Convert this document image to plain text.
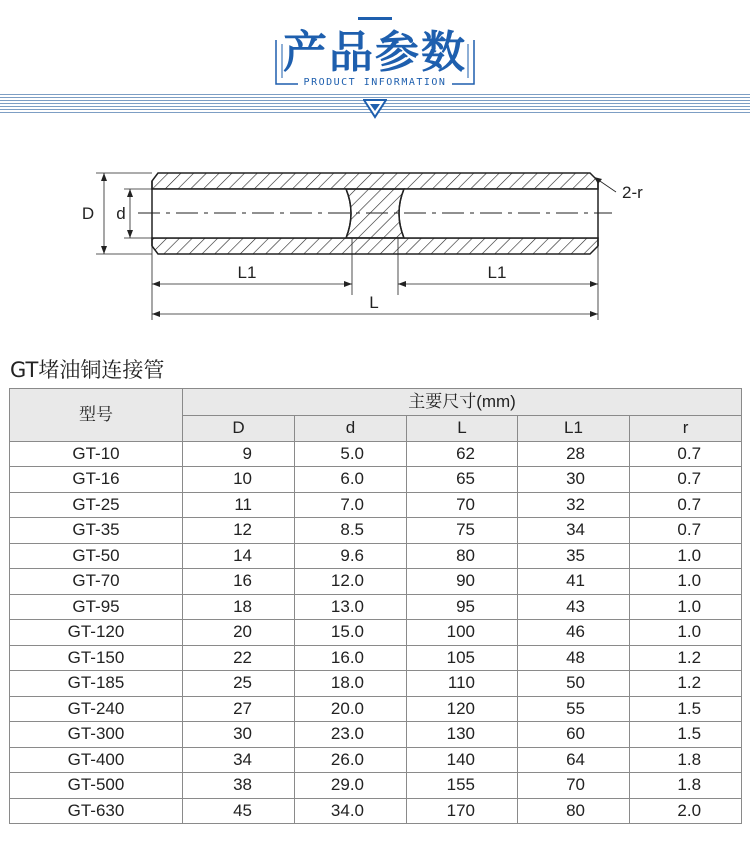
产品参数
PRODUCT INFORMATION
D d
L1	L1
L
2-r
GT堵油铜连接管
型号	主要尺寸(mm)				
	D	d	L	L1	r
GT-10	9	5.0	62	28	0.7
GT-16	10	6.0	65	30	0.7
GT-25	11	7.0	70	32	0.7
GT-35	12	8.5	75	34	0.7
GT-50	14	9.6	80	35	1.0
GT-70	16	12.0	90	41	1.0
GT-95	18	13.0	95	43	1.0
GT-120	20	15.0	100	46	1.0
GT-150	22	16.0	105	48	1.2
GT-185	25	18.0	110	50	1.2
GT-240	27	20.0	120	55	1.5
GT-300	30	23.0	130	60	1.5
GT-400	34	26.0	140	64	1.8
GT-500	38	29.0	155	70	1.8
GT-630	45	34.0	170	80	2.0
